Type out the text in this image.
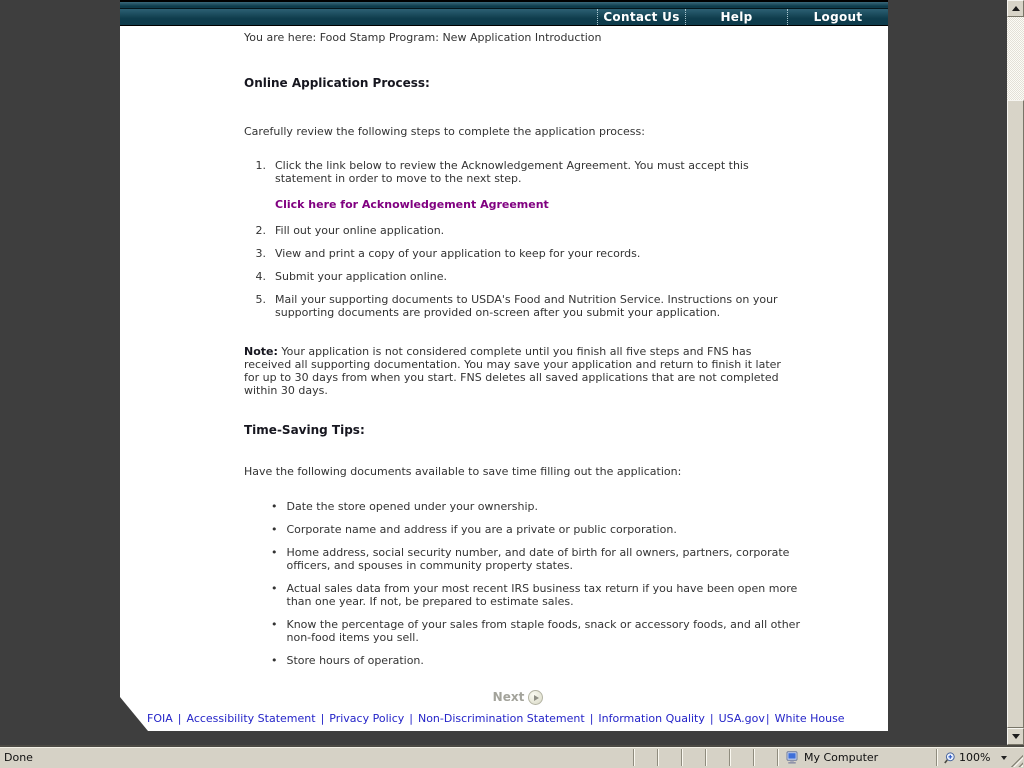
Contact Us	Help	Logout
You are here: Food Stamp Program: New Application Introduction
Online Application Process:
Carefully review the following steps to complete the application process:
1. Click the link below to review the Acknowledgement Agreement. You must accept this statement in order to move to the next step.
Click here for Acknowledgement Agreement
2. Fill out your online application.
3. View and print a copy of your application to keep for your records.
4. Submit your application online.
5. Mail your supporting documents to USDA's Food and Nutrition Service. Instructions on your supporting documents are provided on-screen after you submit your application.
Note: Your application is not considered complete until you finish all five steps and FNS has received all supporting documentation. You may save your application and return to finish it later for up to 30 days from when you start. FNS deletes all saved applications that are not completed within 30 days.
Time-Saving Tips:
Have the following documents available to save time filling out the application:
• Date the store opened under your ownership.
• Corporate name and address if you are a private or public corporation.
• Home address, social security number, and date of birth for all owners, partners, corporate officers, and spouses in community property states.
• Actual sales data from your most recent IRS business tax return if you have been open more than one year. If not, be prepared to estimate sales.
• Know the percentage of your sales from staple foods, snack or accessory foods, and all other non-food items you sell.
• Store hours of operation.
Next
FOIA | Accessibility Statement | Privacy Policy | Non-Discrimination Statement | Information Quality | USA.gov| White House
Done	My Computer	100%
